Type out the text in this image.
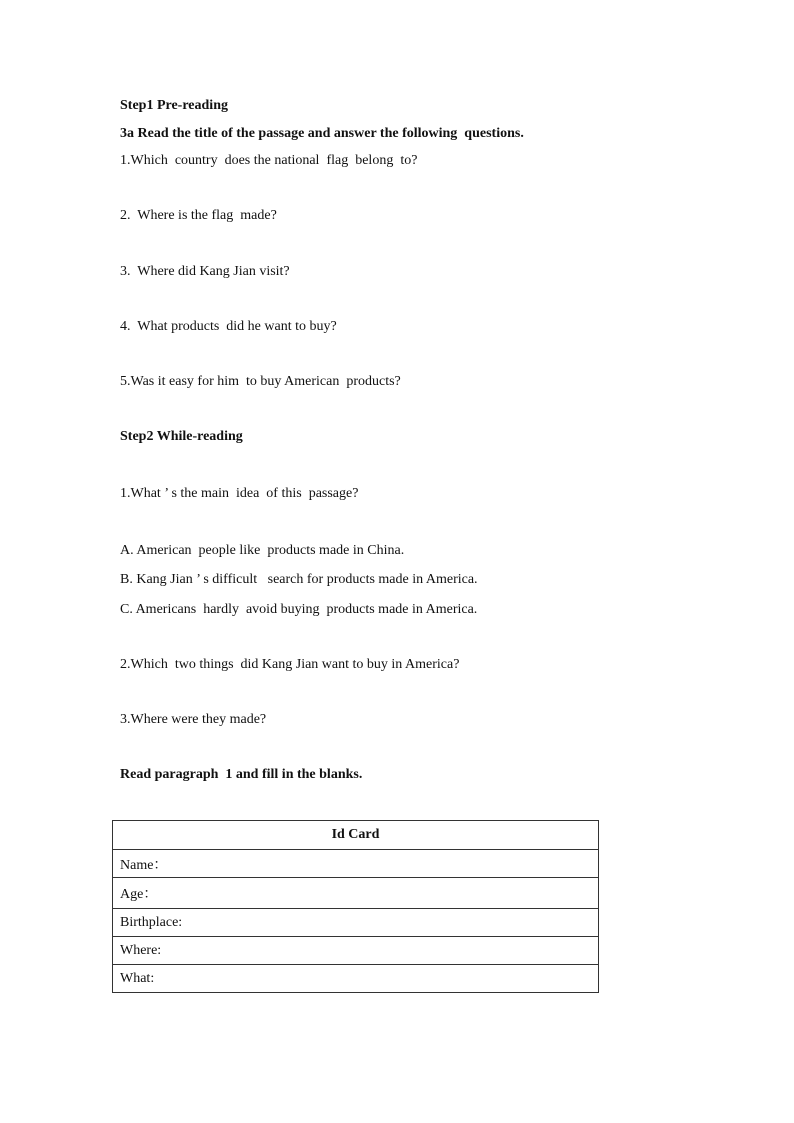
Step1 Pre-reading
3a Read the title of the passage and answer the following  questions.
1.Which  country  does the national  flag  belong  to?
2.  Where is the flag  made?
3.  Where did Kang Jian visit?
4.  What products  did he want to buy?
5.Was it easy for him  to buy American  products?
Step2 While-reading
1.What ’ s the main  idea  of this  passage?
A. American  people like  products made in China.
B. Kang Jian ’ s difficult   search for products made in America.
C. Americans  hardly  avoid buying  products made in America.
2.Which  two things  did Kang Jian want to buy in America?
3.Where were they made?
Read paragraph  1 and fill in the blanks.
Id Card
Name：
Age：
Birthplace:
Where:
What:
